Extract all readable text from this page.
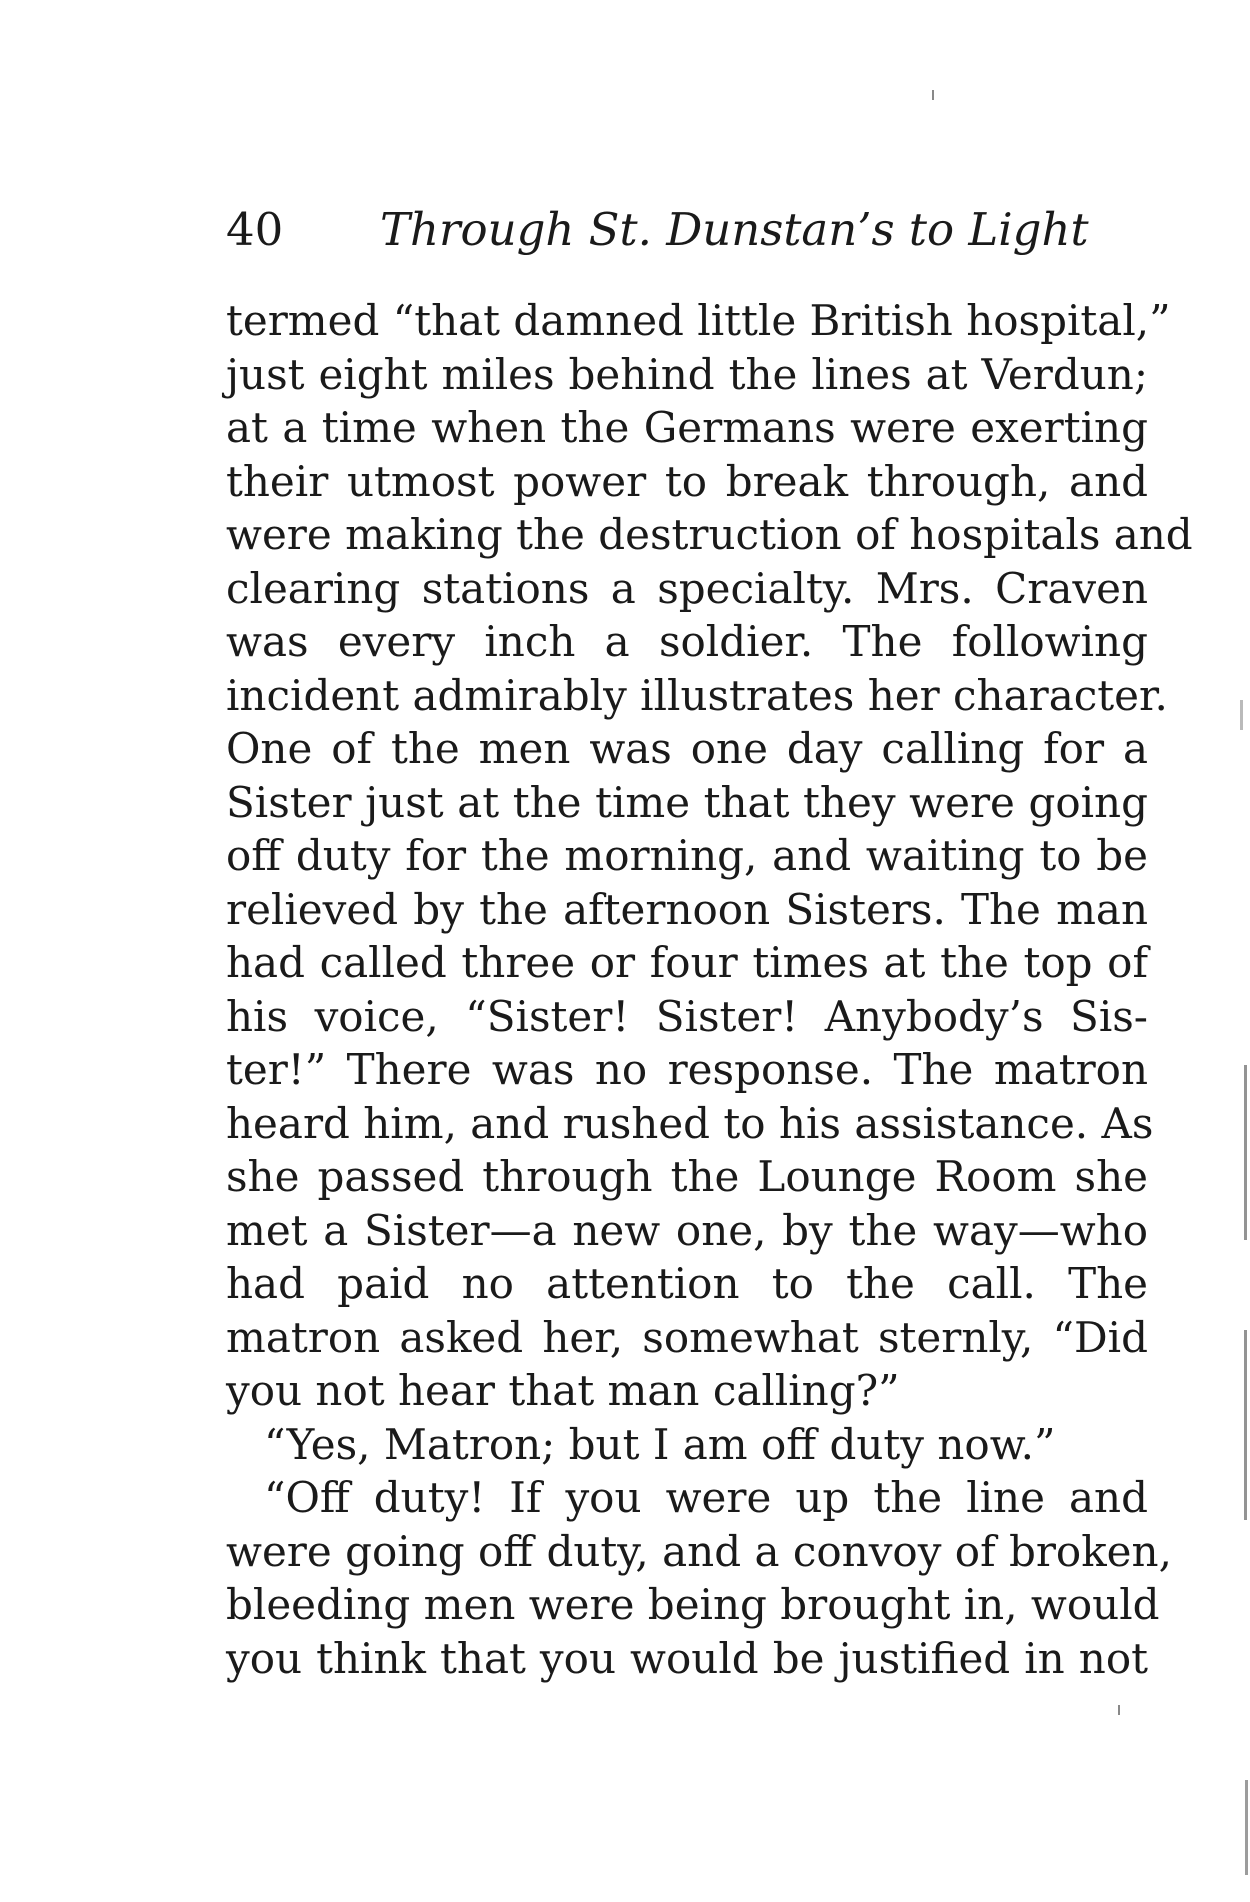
40 Through St. Dunstan’s to Light
termed “that damned little British hospital,”
just eight miles behind the lines at Verdun;
at a time when the Germans were exerting
their utmost power to break through, and
were making the destruction of hospitals and
clearing stations a specialty. Mrs. Craven
was every inch a soldier. The following
incident admirably illustrates her character.
One of the men was one day calling for a
Sister just at the time that they were going
off duty for the morning, and waiting to be
relieved by the afternoon Sisters. The man
had called three or four times at the top of
his voice, “Sister! Sister! Anybody’s Sis-
ter!” There was no response. The matron
heard him, and rushed to his assistance. As
she passed through the Lounge Room she
met a Sister—a new one, by the way—who
had paid no attention to the call. The
matron asked her, somewhat sternly, “Did
you not hear that man calling?”
“Yes, Matron; but I am off duty now.”
“Off duty! If you were up the line and
were going off duty, and a convoy of broken,
bleeding men were being brought in, would
you think that you would be justified in not
